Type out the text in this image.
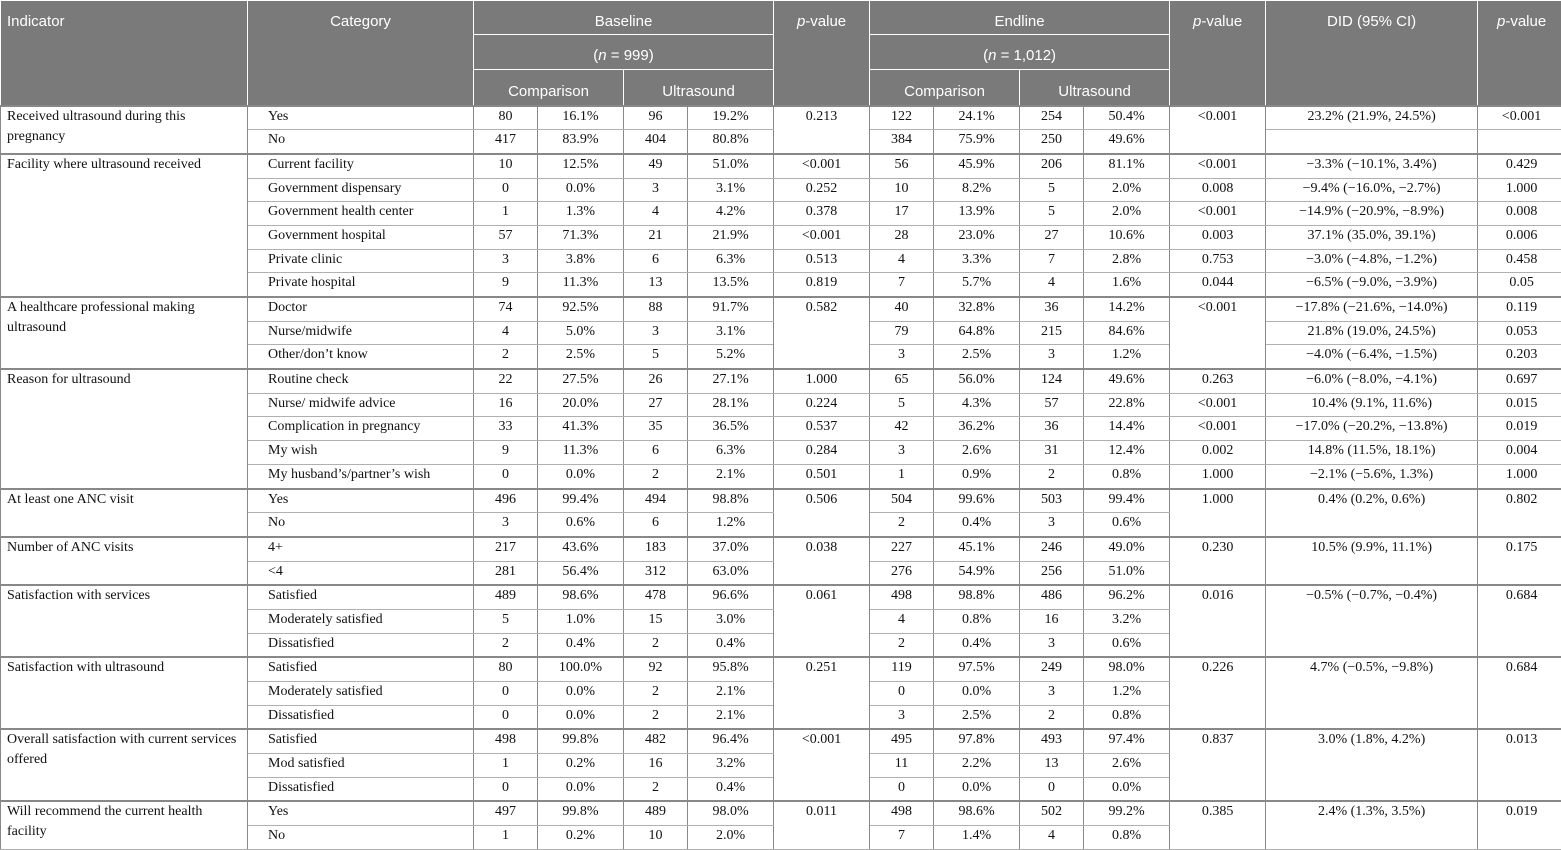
Indicator	Category	Baseline				p-value	Endline				p-value	DID (95% CI)	p-value
		(n = 999)					(n = 1,012)						
		Comparison		Ultrasound			Comparison		Ultrasound				
Received ultrasound during this pregnancy	Yes	80	16.1%	96	19.2%	0.213	122	24.1%	254	50.4%	<0.001	23.2% (21.9%, 24.5%)	<0.001
	No	417	83.9%	404	80.8%		384	75.9%	250	49.6%			
Facility where ultrasound received	Current facility	10	12.5%	49	51.0%	<0.001	56	45.9%	206	81.1%	<0.001	−3.3% (−10.1%, 3.4%)	0.429
	Government dispensary	0	0.0%	3	3.1%	0.252	10	8.2%	5	2.0%	0.008	−9.4% (−16.0%, −2.7%)	1.000
	Government health center	1	1.3%	4	4.2%	0.378	17	13.9%	5	2.0%	<0.001	−14.9% (−20.9%, −8.9%)	0.008
	Government hospital	57	71.3%	21	21.9%	<0.001	28	23.0%	27	10.6%	0.003	37.1% (35.0%, 39.1%)	0.006
	Private clinic	3	3.8%	6	6.3%	0.513	4	3.3%	7	2.8%	0.753	−3.0% (−4.8%, −1.2%)	0.458
	Private hospital	9	11.3%	13	13.5%	0.819	7	5.7%	4	1.6%	0.044	−6.5% (−9.0%, −3.9%)	0.05
A healthcare professional making ultrasound	Doctor	74	92.5%	88	91.7%	0.582	40	32.8%	36	14.2%	<0.001	−17.8% (−21.6%, −14.0%)	0.119
	Nurse/midwife	4	5.0%	3	3.1%		79	64.8%	215	84.6%		21.8% (19.0%, 24.5%)	0.053
	Other/don’t know	2	2.5%	5	5.2%		3	2.5%	3	1.2%		−4.0% (−6.4%, −1.5%)	0.203
Reason for ultrasound	Routine check	22	27.5%	26	27.1%	1.000	65	56.0%	124	49.6%	0.263	−6.0% (−8.0%, −4.1%)	0.697
	Nurse/ midwife advice	16	20.0%	27	28.1%	0.224	5	4.3%	57	22.8%	<0.001	10.4% (9.1%, 11.6%)	0.015
	Complication in pregnancy	33	41.3%	35	36.5%	0.537	42	36.2%	36	14.4%	<0.001	−17.0% (−20.2%, −13.8%)	0.019
	My wish	9	11.3%	6	6.3%	0.284	3	2.6%	31	12.4%	0.002	14.8% (11.5%, 18.1%)	0.004
	My husband’s/partner’s wish	0	0.0%	2	2.1%	0.501	1	0.9%	2	0.8%	1.000	−2.1% (−5.6%, 1.3%)	1.000
At least one ANC visit	Yes	496	99.4%	494	98.8%	0.506	504	99.6%	503	99.4%	1.000	0.4% (0.2%, 0.6%)	0.802
	No	3	0.6%	6	1.2%		2	0.4%	3	0.6%			
Number of ANC visits	4+	217	43.6%	183	37.0%	0.038	227	45.1%	246	49.0%	0.230	10.5% (9.9%, 11.1%)	0.175
	<4	281	56.4%	312	63.0%		276	54.9%	256	51.0%			
Satisfaction with services	Satisfied	489	98.6%	478	96.6%	0.061	498	98.8%	486	96.2%	0.016	−0.5% (−0.7%, −0.4%)	0.684
	Moderately satisfied	5	1.0%	15	3.0%		4	0.8%	16	3.2%			
	Dissatisfied	2	0.4%	2	0.4%		2	0.4%	3	0.6%			
Satisfaction with ultrasound	Satisfied	80	100.0%	92	95.8%	0.251	119	97.5%	249	98.0%	0.226	4.7% (−0.5%, −9.8%)	0.684
	Moderately satisfied	0	0.0%	2	2.1%		0	0.0%	3	1.2%			
	Dissatisfied	0	0.0%	2	2.1%		3	2.5%	2	0.8%			
Overall satisfaction with current services offered	Satisfied	498	99.8%	482	96.4%	<0.001	495	97.8%	493	97.4%	0.837	3.0% (1.8%, 4.2%)	0.013
	Mod satisfied	1	0.2%	16	3.2%		11	2.2%	13	2.6%			
	Dissatisfied	0	0.0%	2	0.4%		0	0.0%	0	0.0%			
Will recommend the current health facility	Yes	497	99.8%	489	98.0%	0.011	498	98.6%	502	99.2%	0.385	2.4% (1.3%, 3.5%)	0.019
	No	1	0.2%	10	2.0%		7	1.4%	4	0.8%			
